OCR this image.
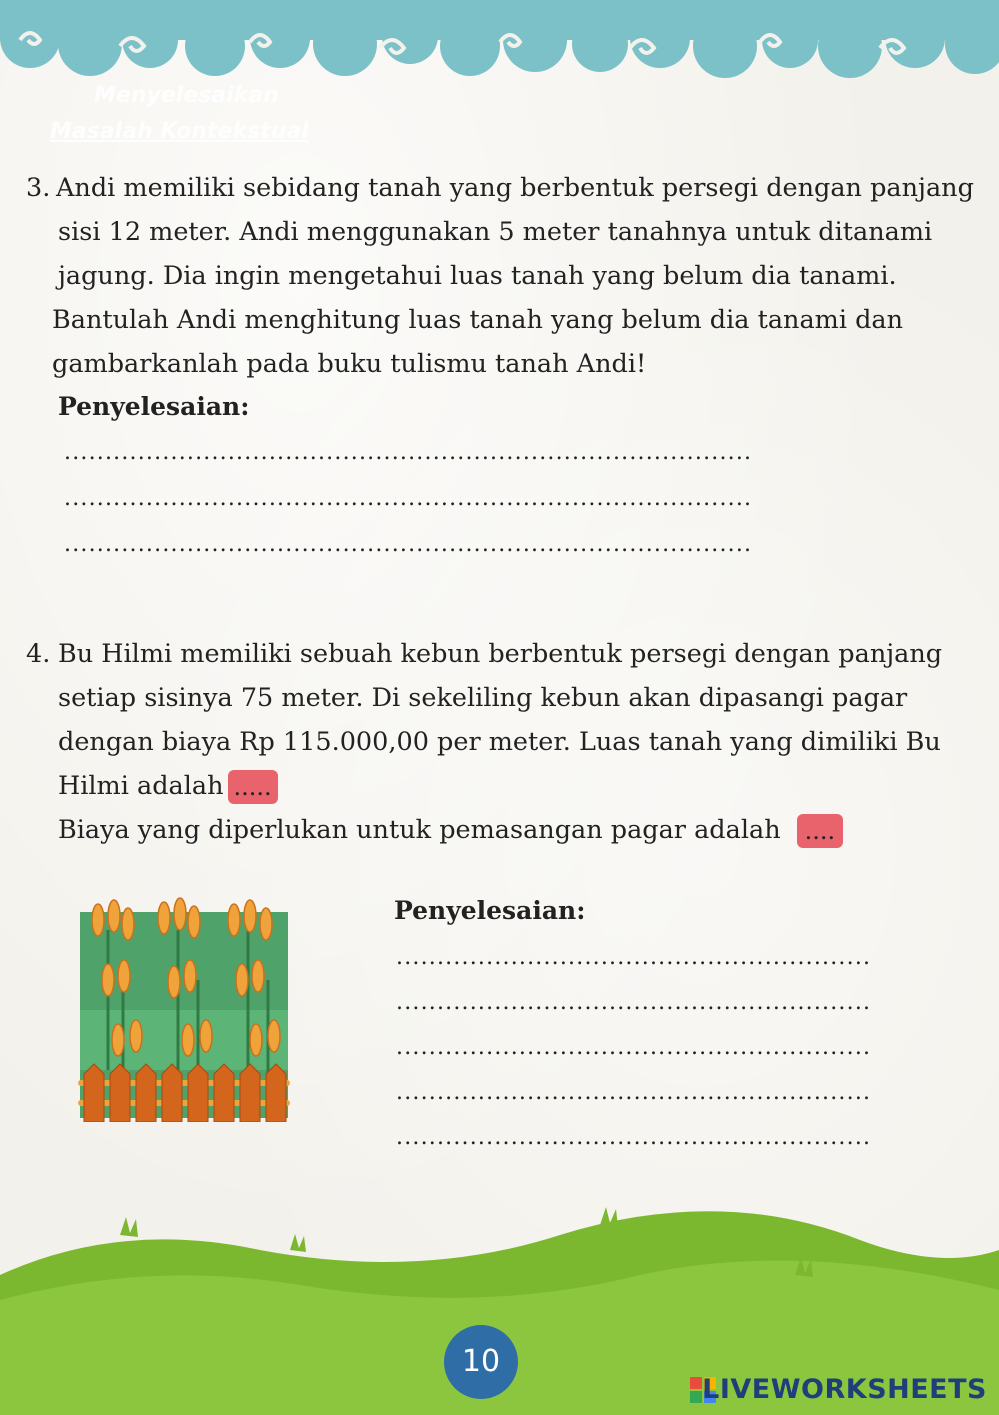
Menyelesaikan
Masalah Kontekstual
3. Andi memiliki sebidang tanah yang berbentuk persegi dengan panjang
sisi 12 meter. Andi menggunakan 5 meter tanahnya untuk ditanami
jagung. Dia ingin mengetahui luas tanah yang belum dia tanami.
Bantulah Andi menghitung luas tanah yang belum dia tanami dan
gambarkanlah pada buku tulismu tanah Andi!
Penyelesaian:
....................................................................................
....................................................................................
....................................................................................
4. Bu Hilmi memiliki sebuah kebun berbentuk persegi dengan panjang
setiap sisinya 75 meter. Di sekeliling kebun akan dipasangi pagar
dengan biaya Rp 115.000,00 per meter. Luas tanah yang dimiliki Bu
Hilmi adalah .....
Biaya yang diperlukan untuk pemasangan pagar adalah ....
Penyelesaian:
..........................................................
..........................................................
..........................................................
..........................................................
..........................................................
10
LIVEWORKSHEETS
